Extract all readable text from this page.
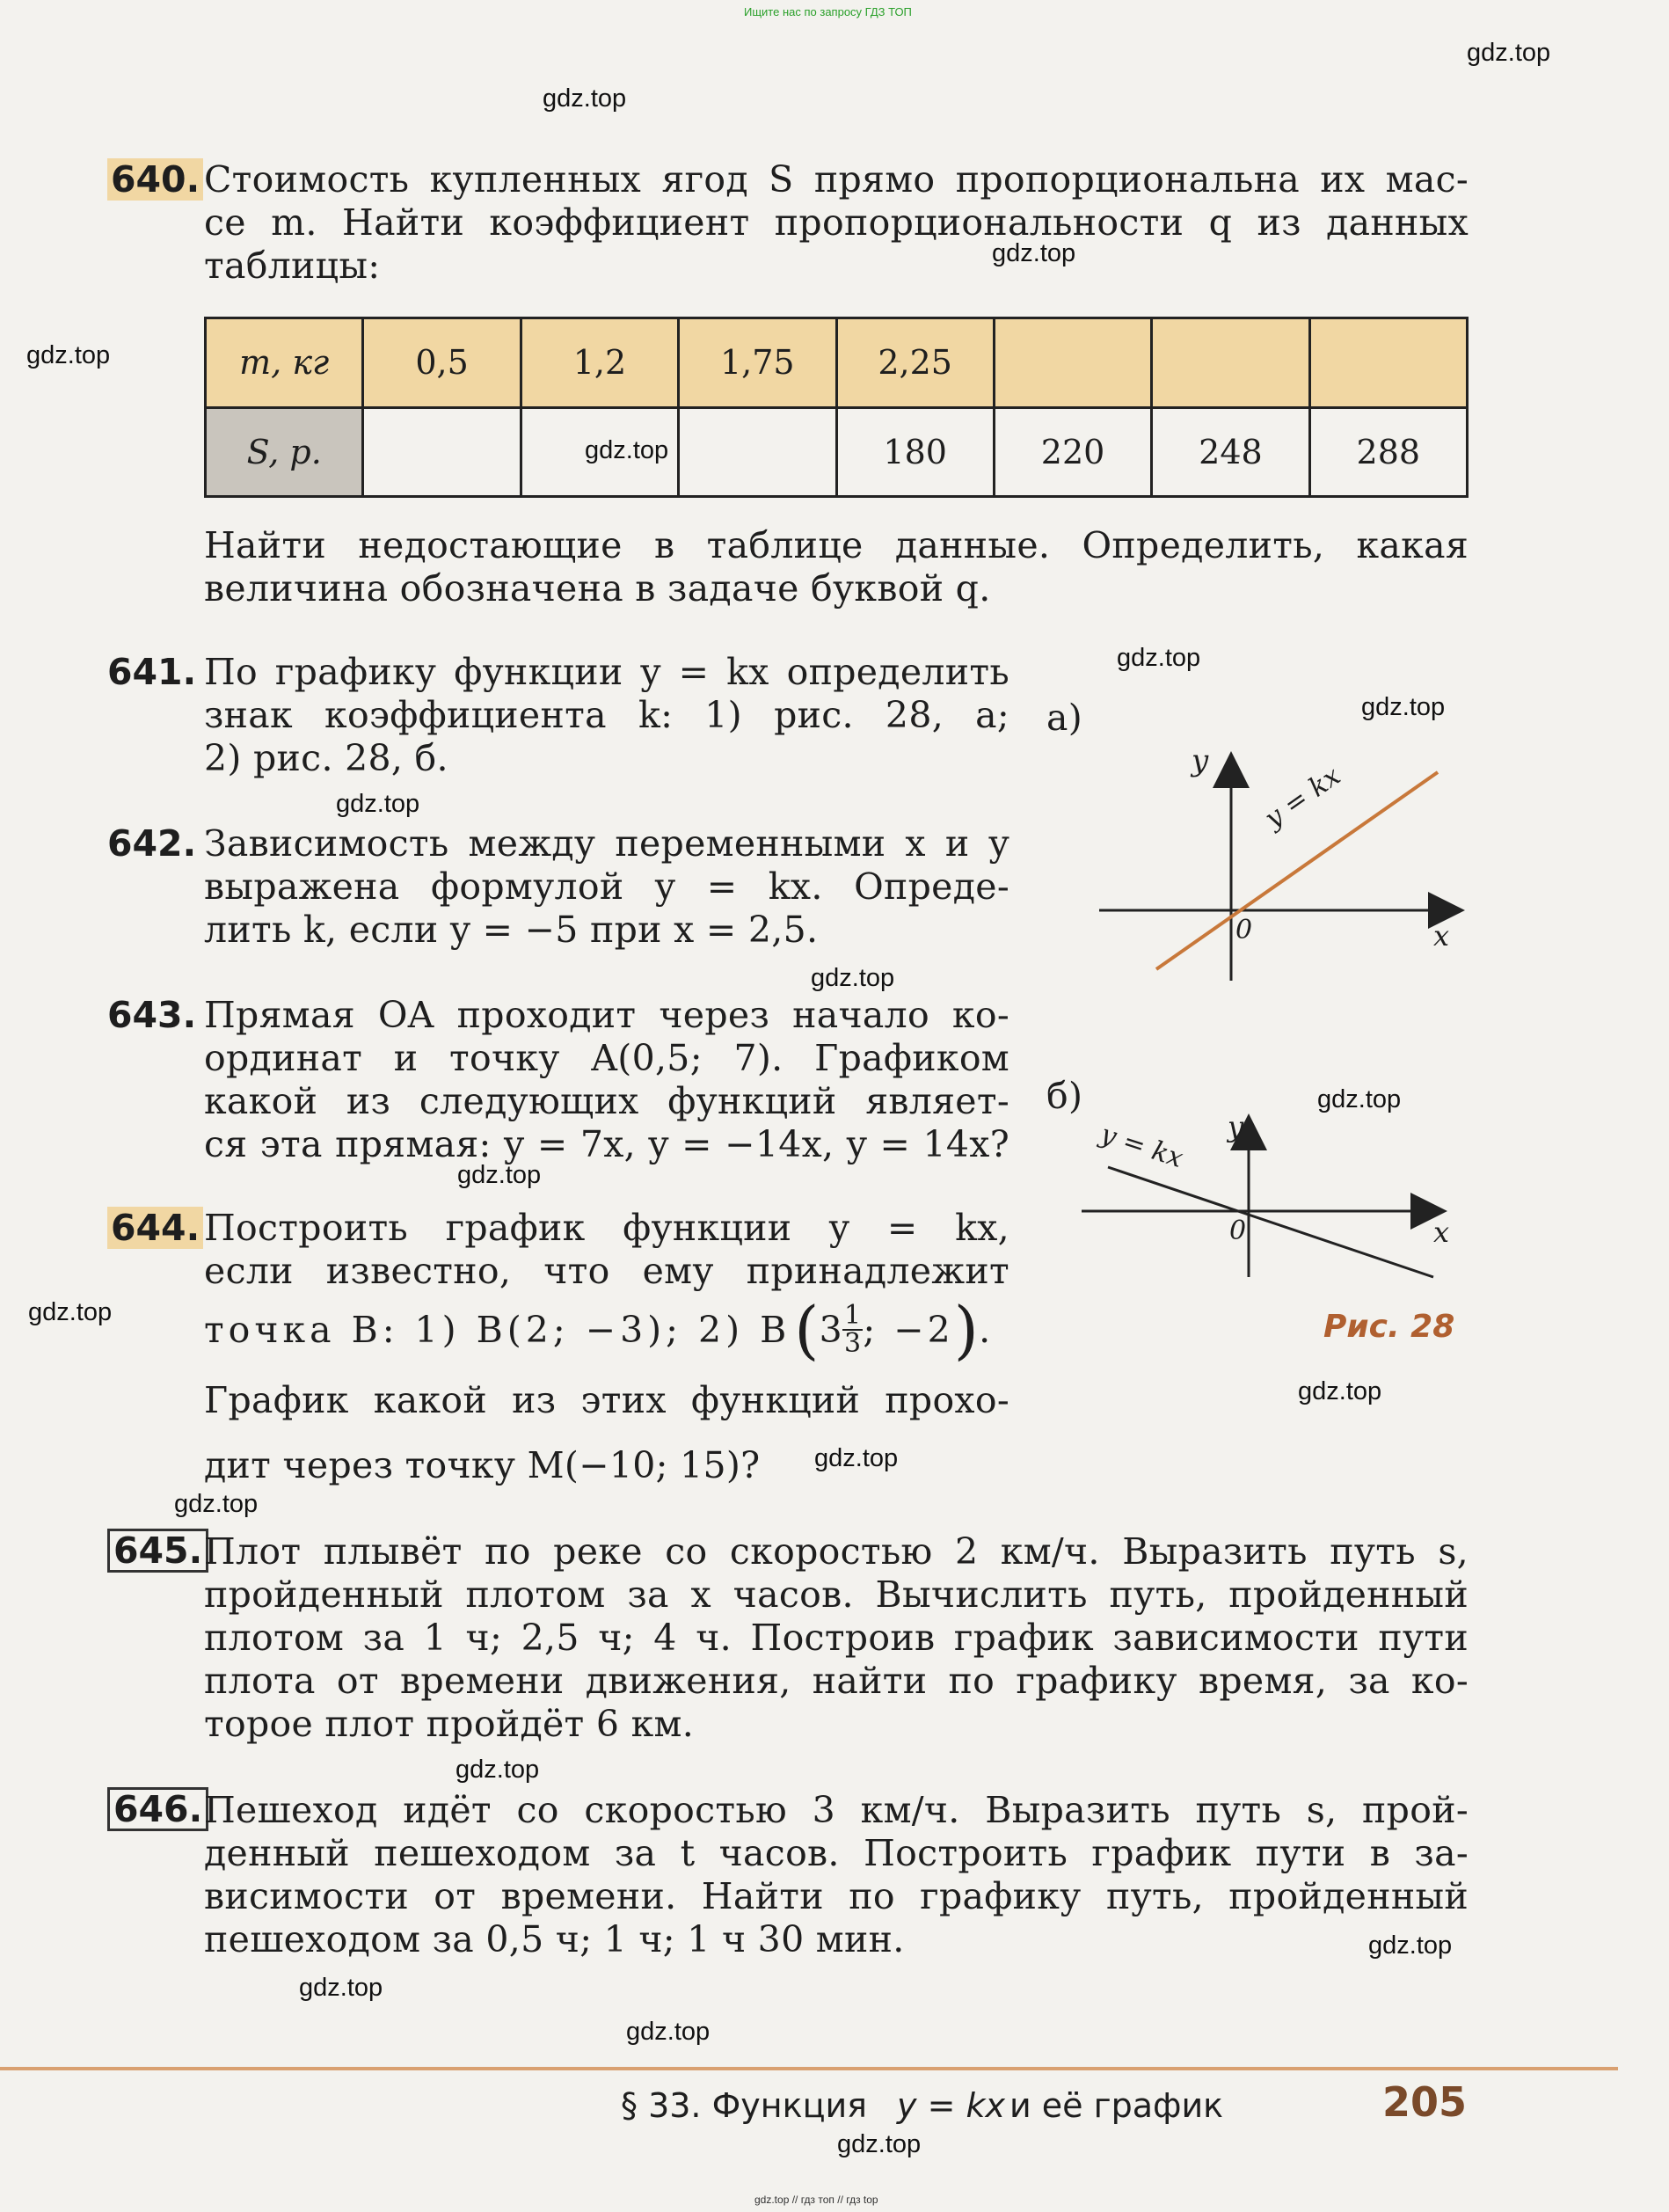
Ищите нас по запросу ГДЗ ТОП
gdz.top
gdz.top
gdz.top
gdz.top
gdz.top
gdz.top
gdz.top
gdz.top
gdz.top
gdz.top
gdz.top
gdz.top
gdz.top
gdz.top
gdz.top
gdz.top
gdz.top
gdz.top
gdz.top
gdz.top
640. Стоимость купленных ягод S прямо пропорциональна их мас-
се m. Найти коэффициент пропорциональности q из данных
таблицы:
m, кг	0,5	1,2	1,75	2,25			
S, р.				180	220	248	288
Найти недостающие в таблице данные. Определить, какая
величина обозначена в задаче буквой q.
641. По графику функции y = kx определить
знак коэффициента k: 1) рис. 28, а;
2) рис. 28, б.
642. Зависимость между переменными x и y
выражена формулой y = kx. Опреде-
лить k, если y = −5 при x = 2,5.
643. Прямая OA проходит через начало ко-
ординат и точку A(0,5; 7). Графиком
какой из следующих функций являет-
ся эта прямая: y = 7x, y = −14x, y = 14x?
644. Построить график функции y = kx,
если известно, что ему принадлежит
точка B: 1) B(2; −3); 2) B ( $3 \frac{1}{3}$ ; −2 ) .
График какой из этих функций прохо-
дит через точку M(−10; 15)?
645. Плот плывёт по реке со скоростью 2 км/ч. Выразить путь s,
пройденный плотом за x часов. Вычислить путь, пройденный
плотом за 1 ч; 2,5 ч; 4 ч. Построив график зависимости пути
плота от времени движения, найти по графику время, за ко-
торое плот пройдёт 6 км.
646. Пешеход идёт со скоростью 3 км/ч. Выразить путь s, прой-
денный пешеходом за t часов. Построить график пути в за-
висимости от времени. Найти по графику путь, пройденный
пешеходом за 0,5 ч; 1 ч; 1 ч 30 мин.
а)
y
x
0
y = kx
б)
y
x
0
y = kx
Рис. 28
§ 33. Функция y = kx и её график	205
gdz.top // гдз топ // гдз top
